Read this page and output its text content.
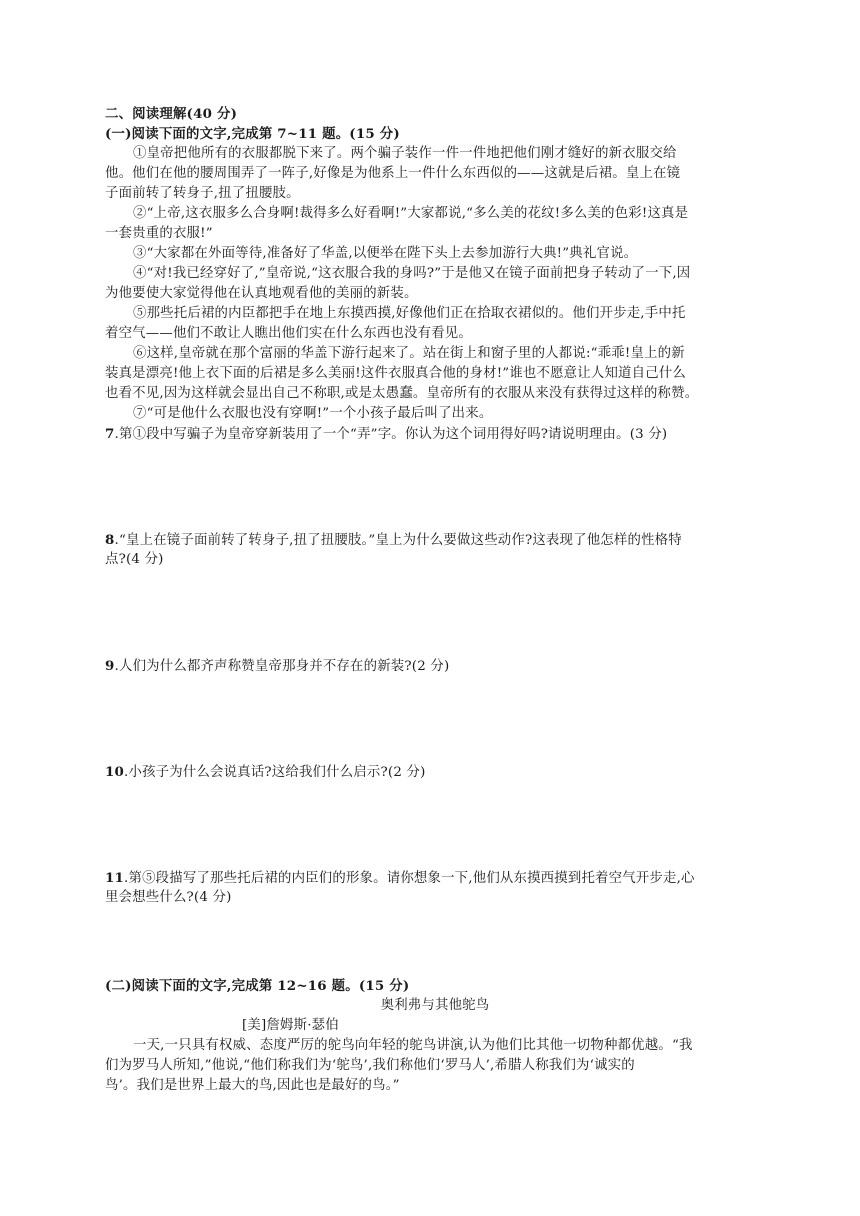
二、阅读理解(40 分)
(一)阅读下面的文字,完成第 7~11 题。(15 分)
①皇帝把他所有的衣服都脱下来了。两个骗子装作一件一件地把他们刚才缝好的新衣服交给
他。他们在他的腰周围弄了一阵子,好像是为他系上一件什么东西似的——这就是后裙。皇上在镜
子面前转了转身子,扭了扭腰肢。
②“上帝,这衣服多么合身啊!裁得多么好看啊!”大家都说,“多么美的花纹!多么美的色彩!这真是
一套贵重的衣服!”
③“大家都在外面等待,准备好了华盖,以便举在陛下头上去参加游行大典!”典礼官说。
④“对!我已经穿好了,”皇帝说,“这衣服合我的身吗?”于是他又在镜子面前把身子转动了一下,因
为他要使大家觉得他在认真地观看他的美丽的新装。
⑤那些托后裙的内臣都把手在地上东摸西摸,好像他们正在拾取衣裙似的。他们开步走,手中托
着空气——他们不敢让人瞧出他们实在什么东西也没有看见。
⑥这样,皇帝就在那个富丽的华盖下游行起来了。站在街上和窗子里的人都说:“乖乖!皇上的新
装真是漂亮!他上衣下面的后裙是多么美丽!这件衣服真合他的身材!”谁也不愿意让人知道自己什么
也看不见,因为这样就会显出自己不称职,或是太愚蠢。皇帝所有的衣服从来没有获得过这样的称赞。
⑦“可是他什么衣服也没有穿啊!”一个小孩子最后叫了出来。
7.第①段中写骗子为皇帝穿新装用了一个“弄”字。你认为这个词用得好吗?请说明理由。(3 分)
8.“皇上在镜子面前转了转身子,扭了扭腰肢。”皇上为什么要做这些动作?这表现了他怎样的性格特
点?(4 分)
9.人们为什么都齐声称赞皇帝那身并不存在的新装?(2 分)
10.小孩子为什么会说真话?这给我们什么启示?(2 分)
11.第⑤段描写了那些托后裙的内臣们的形象。请你想象一下,他们从东摸西摸到托着空气开步走,心
里会想些什么?(4 分)
(二)阅读下面的文字,完成第 12~16 题。(15 分)
奥利弗与其他鸵鸟
[美]詹姆斯·瑟伯
一天,一只具有权威、态度严厉的鸵鸟向年轻的鸵鸟讲演,认为他们比其他一切物种都优越。“我
们为罗马人所知,”他说,“他们称我们为‘鸵鸟’,我们称他们‘罗马人’,希腊人称我们为‘诚实的
鸟’。我们是世界上最大的鸟,因此也是最好的鸟。”
